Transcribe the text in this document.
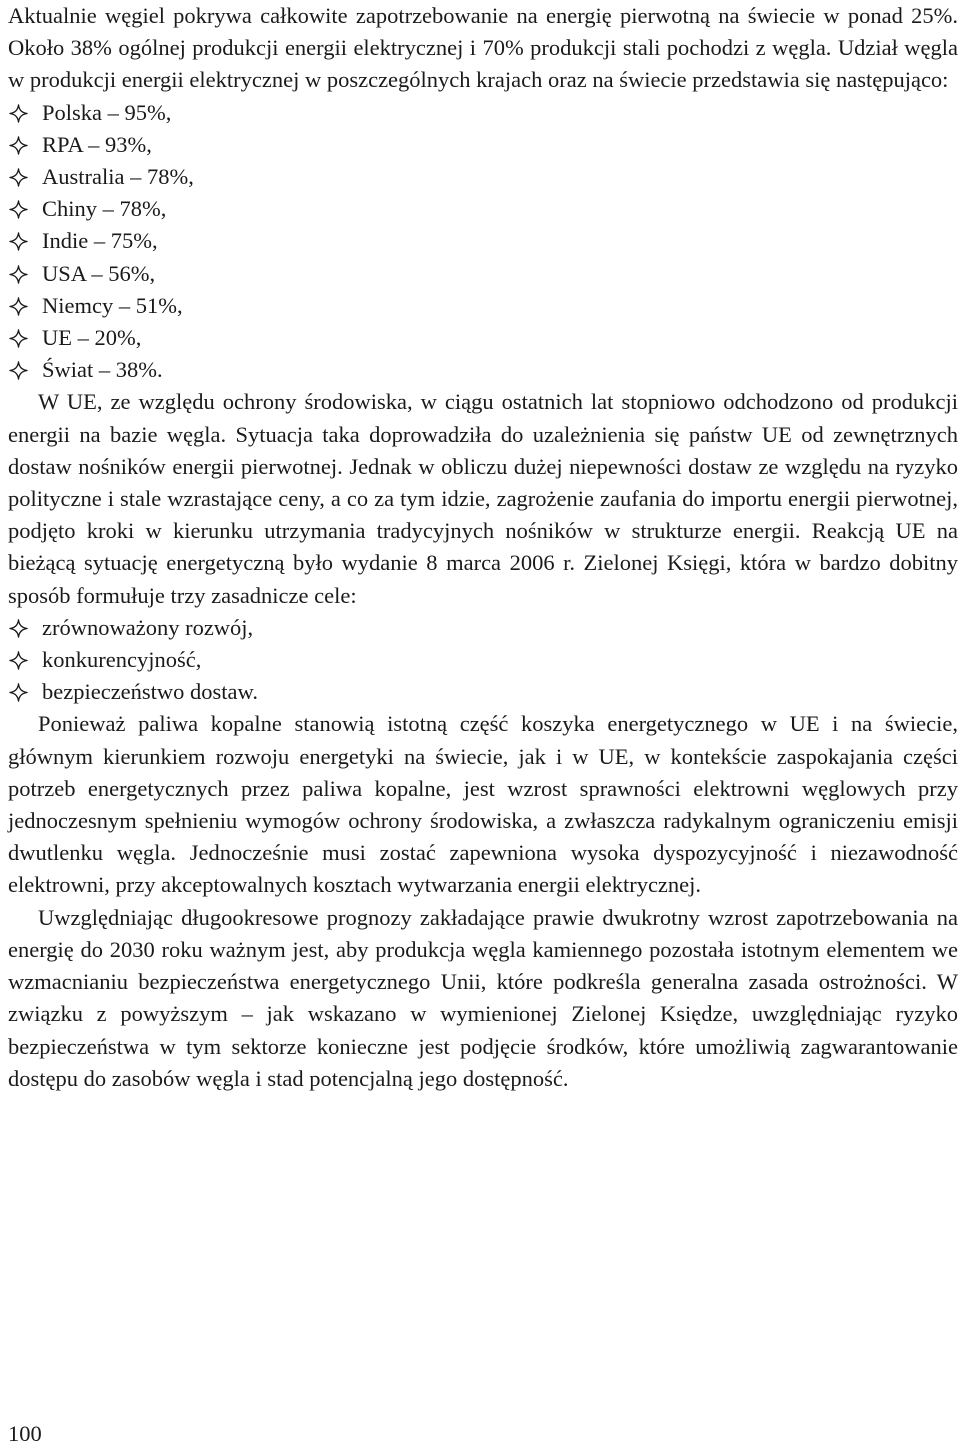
Aktualnie węgiel pokrywa całkowite zapotrzebowanie na energię pierwotną na świecie w ponad 25%. Około 38% ogólnej produkcji energii elektrycznej i 70% produkcji stali pochodzi z węgla. Udział węgla w produkcji energii elektrycznej w poszczególnych krajach oraz na świecie przedstawia się następująco:

Polska – 95%,
RPA – 93%,
Australia – 78%,
Chiny – 78%,
Indie – 75%,
USA – 56%,
Niemcy – 51%,
UE – 20%,
Świat – 38%.

W UE, ze względu ochrony środowiska, w ciągu ostatnich lat stopniowo odchodzono od produkcji energii na bazie węgla. Sytuacja taka doprowadziła do uzależnienia się państw UE od zewnętrznych dostaw nośników energii pierwotnej. Jednak w obliczu dużej niepewności dostaw ze względu na ryzyko polityczne i stale wzrastające ceny, a co za tym idzie, zagrożenie zaufania do importu energii pierwotnej, podjęto kroki w kierunku utrzymania tradycyjnych nośników w strukturze energii. Reakcją UE na bieżącą sytuację energetyczną było wydanie 8 marca 2006 r. Zielonej Księgi, która w bardzo dobitny sposób formułuje trzy zasadnicze cele:

zrównoważony rozwój,
konkurencyjność,
bezpieczeństwo dostaw.

Ponieważ paliwa kopalne stanowią istotną część koszyka energetycznego w UE i na świecie, głównym kierunkiem rozwoju energetyki na świecie, jak i w UE, w kontekście zaspokajania części potrzeb energetycznych przez paliwa kopalne, jest wzrost sprawności elektrowni węglowych przy jednoczesnym spełnieniu wymogów ochrony środowiska, a zwłaszcza radykalnym ograniczeniu emisji dwutlenku węgla. Jednocześnie musi zostać zapewniona wysoka dyspozycyjność i niezawodność elektrowni, przy akceptowalnych kosztach wytwarzania energii elektrycznej.

Uwzględniając długookresowe prognozy zakładające prawie dwukrotny wzrost zapotrzebowania na energię do 2030 roku ważnym jest, aby produkcja węgla kamiennego pozostała istotnym elementem we wzmacnianiu bezpieczeństwa energetycznego Unii, które podkreśla generalna zasada ostrożności. W związku z powyższym – jak wskazano w wymienionej Zielonej Księdze, uwzględniając ryzyko bezpieczeństwa w tym sektorze konieczne jest podjęcie środków, które umożliwią zagwarantowanie dostępu do zasobów węgla i stad potencjalną jego dostępność.

100
